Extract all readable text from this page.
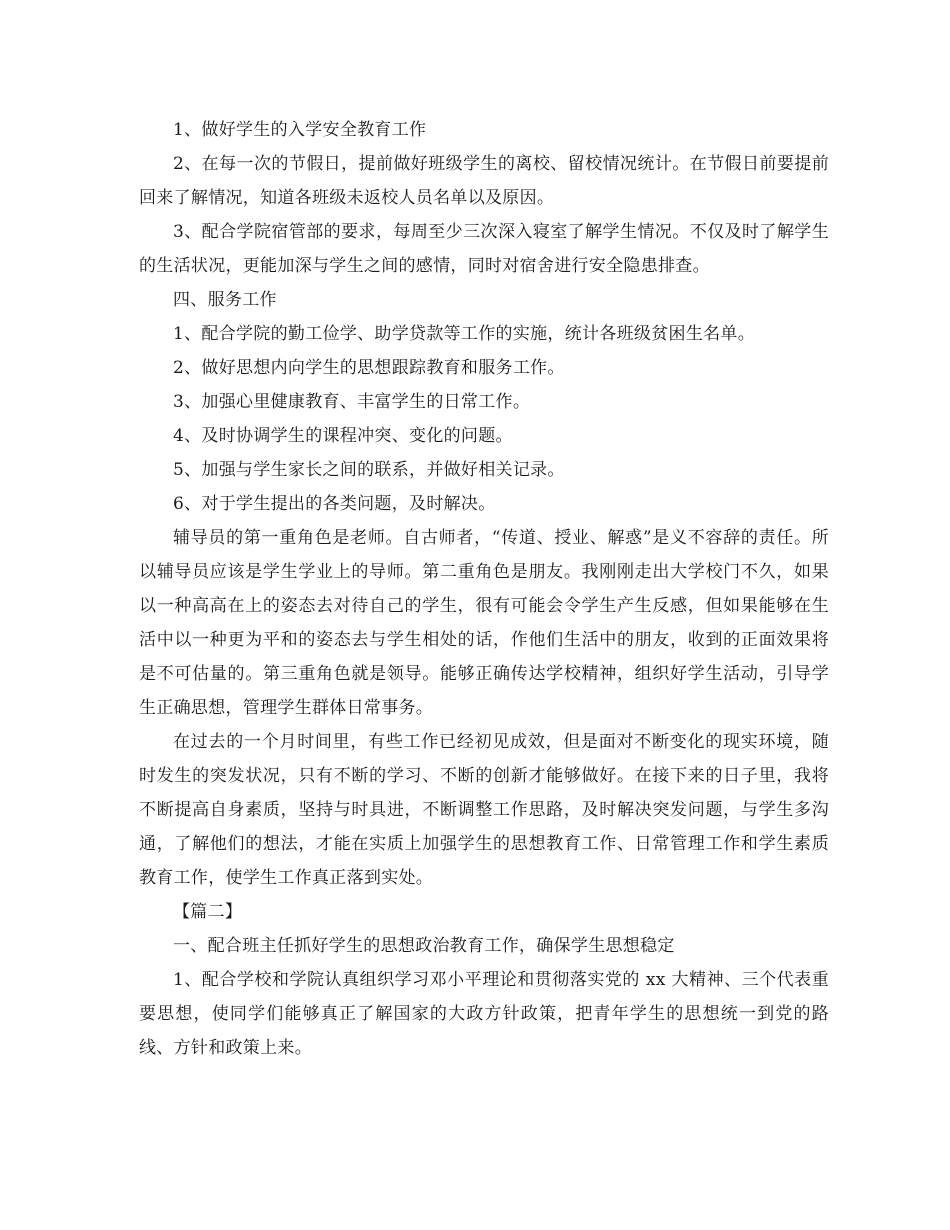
1、做好学生的入学安全教育工作

2、在每一次的节假日，提前做好班级学生的离校、留校情况统计。在节假日前要提前回来了解情况，知道各班级未返校人员名单以及原因。

3、配合学院宿管部的要求，每周至少三次深入寝室了解学生情况。不仅及时了解学生的生活状况，更能加深与学生之间的感情，同时对宿舍进行安全隐患排查。

四、服务工作

1、配合学院的勤工俭学、助学贷款等工作的实施，统计各班级贫困生名单。

2、做好思想内向学生的思想跟踪教育和服务工作。

3、加强心里健康教育、丰富学生的日常工作。

4、及时协调学生的课程冲突、变化的问题。

5、加强与学生家长之间的联系，并做好相关记录。

6、对于学生提出的各类问题，及时解决。

辅导员的第一重角色是老师。自古师者，“传道、授业、解惑”是义不容辞的责任。所以辅导员应该是学生学业上的导师。第二重角色是朋友。我刚刚走出大学校门不久，如果以一种高高在上的姿态去对待自己的学生，很有可能会令学生产生反感，但如果能够在生活中以一种更为平和的姿态去与学生相处的话，作他们生活中的朋友，收到的正面效果将是不可估量的。第三重角色就是领导。能够正确传达学校精神，组织好学生活动，引导学生正确思想，管理学生群体日常事务。

在过去的一个月时间里，有些工作已经初见成效，但是面对不断变化的现实环境，随时发生的突发状况，只有不断的学习、不断的创新才能够做好。在接下来的日子里，我将不断提高自身素质，坚持与时具进，不断调整工作思路，及时解决突发问题，与学生多沟通，了解他们的想法，才能在实质上加强学生的思想教育工作、日常管理工作和学生素质教育工作，使学生工作真正落到实处。

【篇二】

一、配合班主任抓好学生的思想政治教育工作，确保学生思想稳定

1、配合学校和学院认真组织学习邓小平理论和贯彻落实党的 xx 大精神、三个代表重要思想，使同学们能够真正了解国家的大政方针政策，把青年学生的思想统一到党的路线、方针和政策上来。
